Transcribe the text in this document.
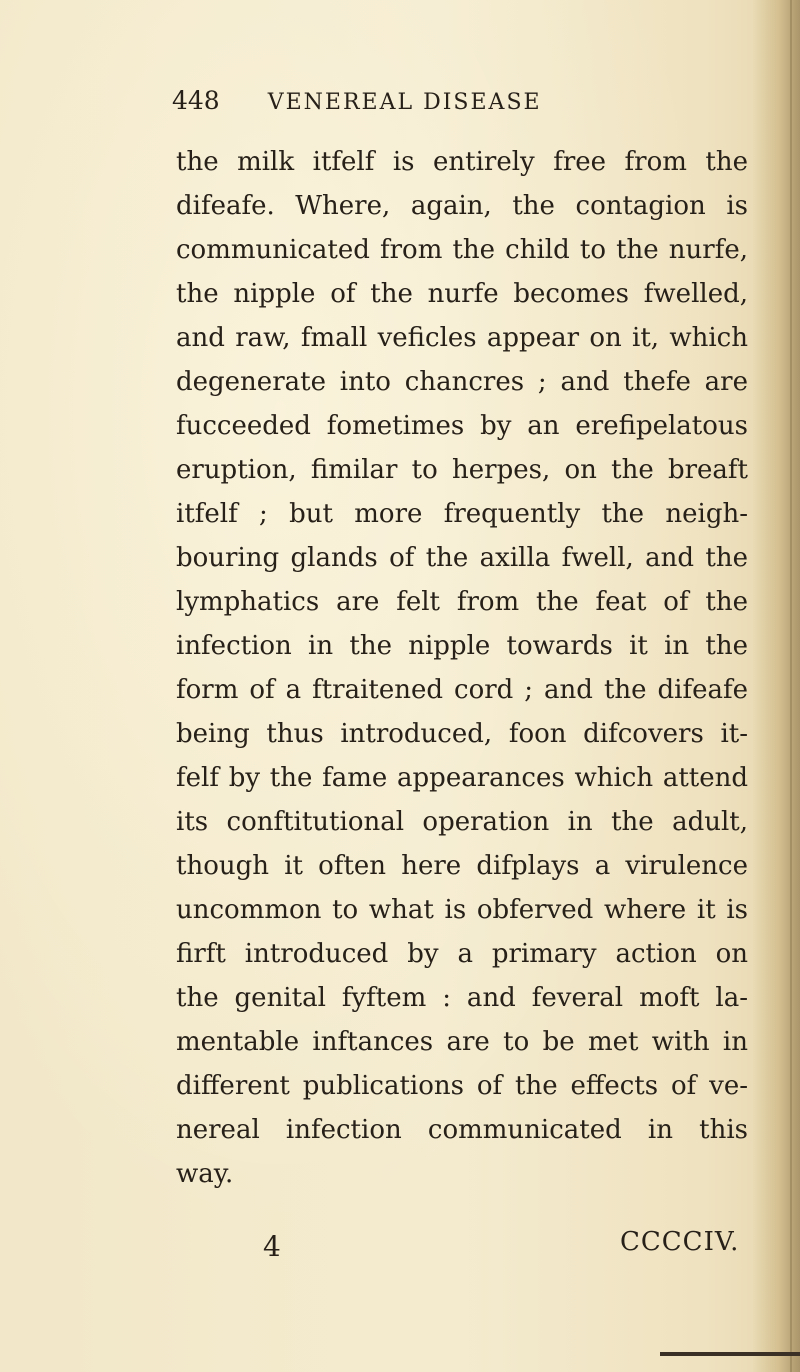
448 VENEREAL DISEASE
the milk itfelf is entirely free from the
difeafe. Where, again, the contagion is
communicated from the child to the nurfe,
the nipple of the nurfe becomes fwelled,
and raw, fmall veficles appear on it, which
degenerate into chancres ; and thefe are
fucceeded fometimes by an erefipelatous
eruption, fimilar to herpes, on the breaft
itfelf ; but more frequently the neigh-
bouring glands of the axilla fwell, and the
lymphatics are felt from the feat of the
infection in the nipple towards it in the
form of a ftraitened cord ; and the difeafe
being thus introduced, foon difcovers it-
felf by the fame appearances which attend
its conftitutional operation in the adult,
though it often here difplays a virulence
uncommon to what is obferved where it is
firft introduced by a primary action on
the genital fyftem : and feveral moft la-
mentable inftances are to be met with in
different publications of the effects of ve-
nereal infection communicated in this
way.
4	CCCCIV.
